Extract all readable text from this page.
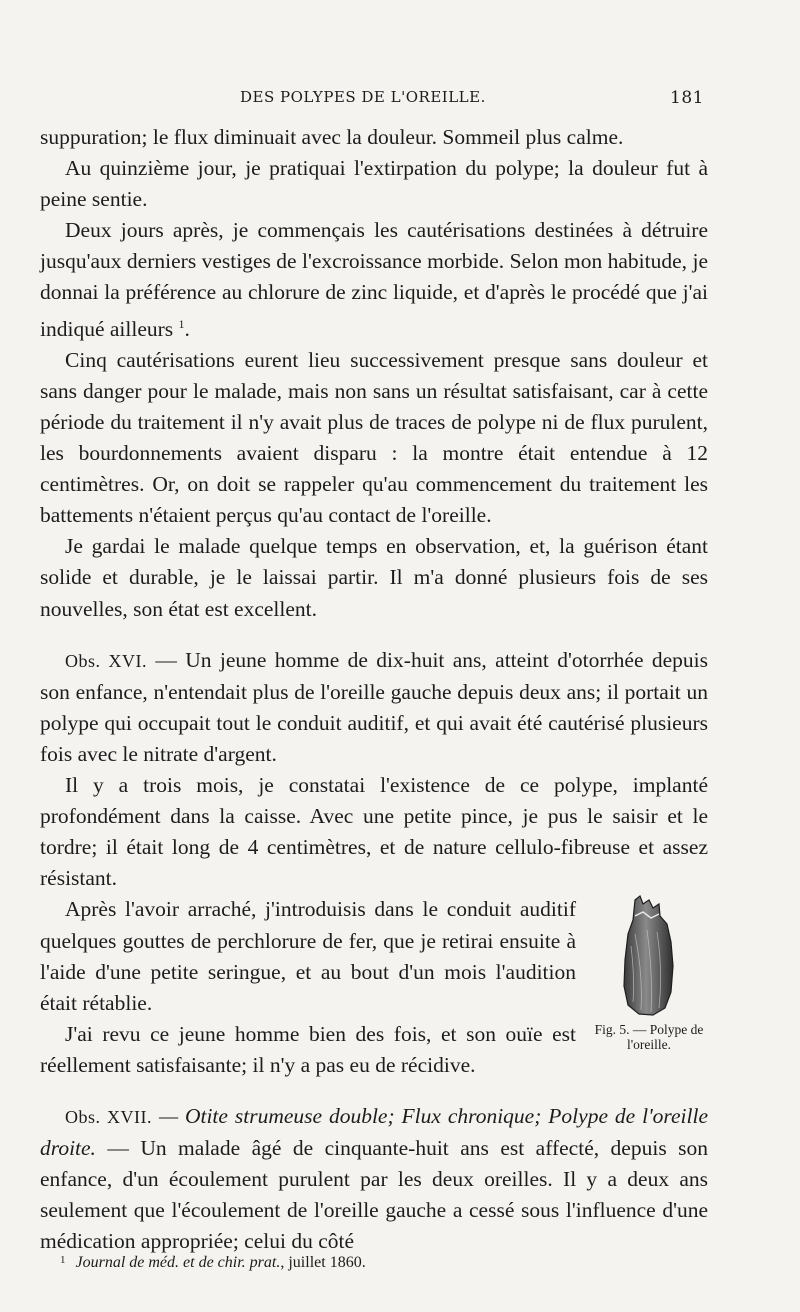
DES POLYPES DE L'OREILLE.	181

suppuration; le flux diminuait avec la douleur. Sommeil plus calme.

Au quinzième jour, je pratiquai l'extirpation du polype; la douleur fut à peine sentie.

Deux jours après, je commençais les cautérisations destinées à détruire jusqu'aux derniers vestiges de l'excroissance morbide. Selon mon habitude, je donnai la préférence au chlorure de zinc liquide, et d'après le procédé que j'ai indiqué ailleurs $^1$.

Cinq cautérisations eurent lieu successivement presque sans douleur et sans danger pour le malade, mais non sans un résultat satisfaisant, car à cette période du traitement il n'y avait plus de traces de polype ni de flux purulent, les bourdonnements avaient disparu : la montre était entendue à 12 centimètres. Or, on doit se rappeler qu'au commencement du traitement les battements n'étaient perçus qu'au contact de l'oreille.

Je gardai le malade quelque temps en observation, et, la guérison étant solide et durable, je le laissai partir. Il m'a donné plusieurs fois de ses nouvelles, son état est excellent.

Obs. XVI. — Un jeune homme de dix-huit ans, atteint d'otorrhée depuis son enfance, n'entendait plus de l'oreille gauche depuis deux ans; il portait un polype qui occupait tout le conduit auditif, et qui avait été cautérisé plusieurs fois avec le nitrate d'argent.

Il y a trois mois, je constatai l'existence de ce polype, implanté profondément dans la caisse. Avec une petite pince, je pus le saisir et le tordre; il était long de 4 centimètres, et de nature cellulo-fibreuse et assez résistant.

Fig. 5. — Polype de l'oreille.

Après l'avoir arraché, j'introduisis dans le conduit auditif quelques gouttes de perchlorure de fer, que je retirai ensuite à l'aide d'une petite seringue, et au bout d'un mois l'audition était rétablie.

J'ai revu ce jeune homme bien des fois, et son ouïe est réellement satisfaisante; il n'y a pas eu de récidive.

Obs. XVII. — Otite strumeuse double; Flux chronique; Polype de l'oreille droite. — Un malade âgé de cinquante-huit ans est affecté, depuis son enfance, d'un écoulement purulent par les deux oreilles. Il y a deux ans seulement que l'écoulement de l'oreille gauche a cessé sous l'influence d'une médication appropriée; celui du côté

$^1$ Journal de méd. et de chir. prat., juillet 1860.
